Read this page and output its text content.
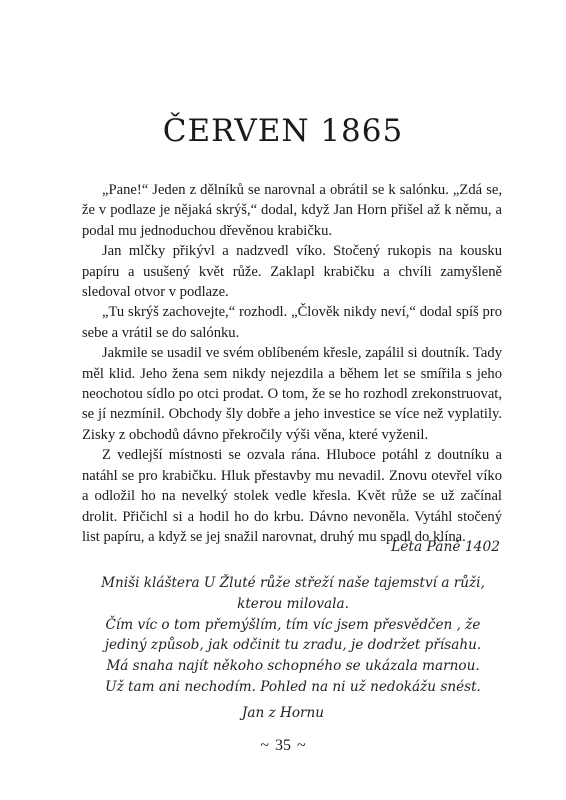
ČERVEN 1865

„Pane!“ Jeden z dělníků se narovnal a obrátil se k salónku. „Zdá se, že v podlaze je nějaká skrýš,“ dodal, když Jan Horn přišel až k němu, a podal mu jednoduchou dřevěnou krabičku.

Jan mlčky přikývl a nadzvedl víko. Stočený rukopis na kousku papíru a usušený květ růže. Zaklapl krabičku a chvíli zamyšleně sledoval otvor v podlaze.

„Tu skrýš zachovejte,“ rozhodl. „Člověk nikdy neví,“ dodal spíš pro sebe a vrátil se do salónku.

Jakmile se usadil ve svém oblíbeném křesle, zapálil si doutník. Tady měl klid. Jeho žena sem nikdy nejezdila a během let se smířila s jeho neochotou sídlo po otci prodat. O tom, že se ho rozhodl zrekonstruovat, se jí nezmínil. Obchody šly dobře a jeho investice se více než vyplatily. Zisky z obchodů dávno překročily výši věna, které vyženil.

Z vedlejší místnosti se ozvala rána. Hluboce potáhl z doutníku a natáhl se pro krabičku. Hluk přestavby mu nevadil. Znovu otevřel víko a odložil ho na nevelký stolek vedle křesla. Květ růže se už začínal drolit. Přičichl si a hodil ho do krbu. Dávno nevoněla. Vytáhl stočený list papíru, a když se jej snažil narovnat, druhý mu spadl do klína.

Léta Páně 1402
Mniši kláštera U Žluté růže střeží naše tajemství a růži,
kterou milovala.
Čím víc o tom přemýšlím, tím víc jsem přesvědčen , že
jediný způsob, jak odčinit tu zradu, je dodržet přísahu.
Má snaha najít někoho schopného se ukázala marnou.
Už tam ani nechodím. Pohled na ni už nedokážu snést.
Jan z Hornu
~ 35 ~
